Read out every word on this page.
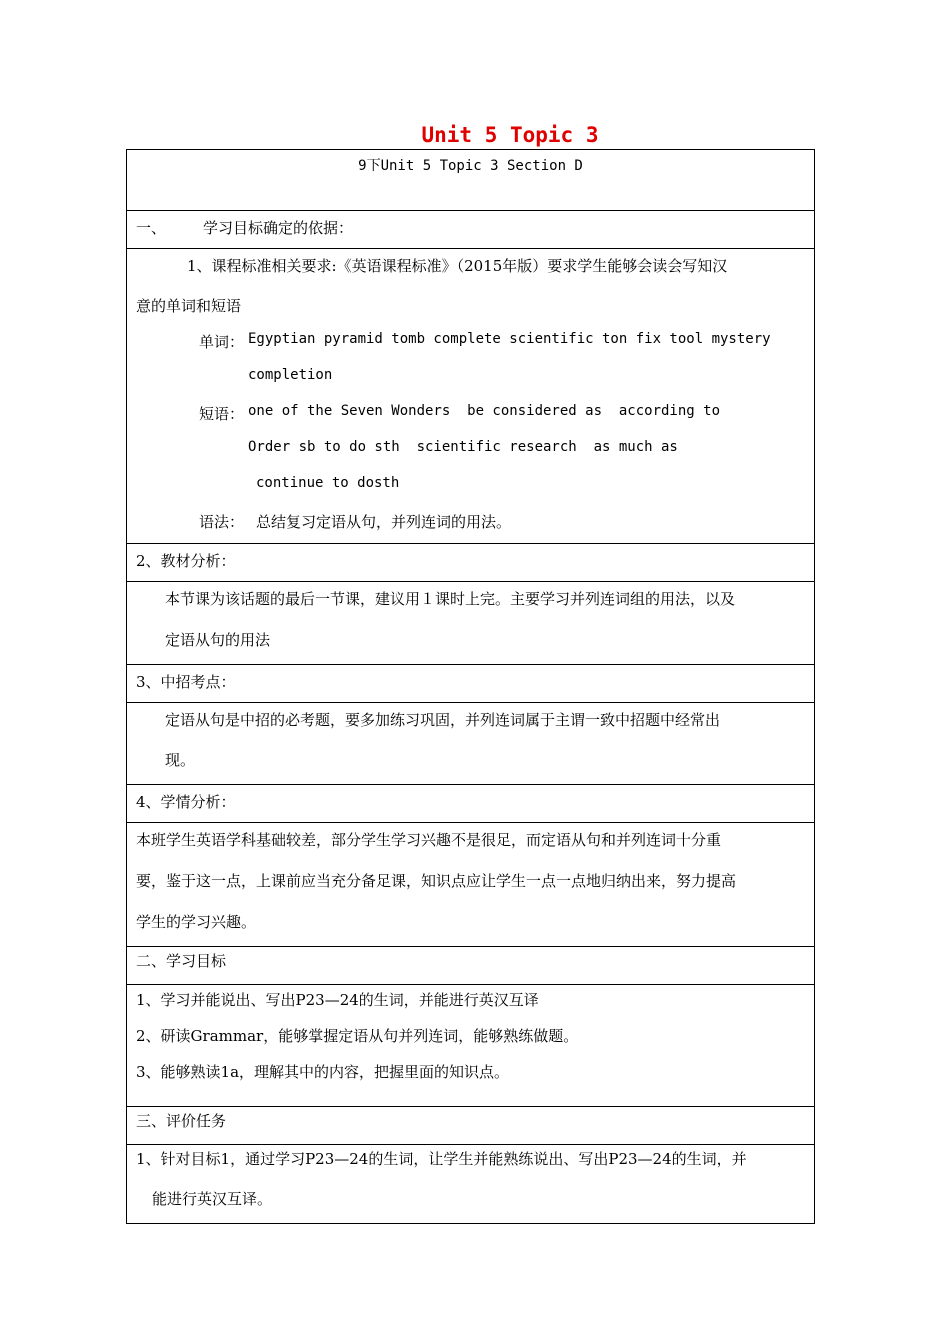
Unit 5 Topic 3
9下Unit 5 Topic 3 Section D
一、 学习目标确定的依据：
1、课程标准相关要求:《英语课程标准》（2015年版）要求学生能够会读会写知汉
意的单词和短语
单词： Egyptian pyramid tomb complete scientific ton fix tool mystery
completion
短语： one of the Seven Wonders  be considered as  according to
Order sb to do sth  scientific research  as much as
continue to dosth
语法： 总结复习定语从句，并列连词的用法。
2、教材分析：
本节课为该话题的最后一节课，建议用１课时上完。主要学习并列连词组的用法，以及
定语从句的用法
3、中招考点：
定语从句是中招的必考题，要多加练习巩固，并列连词属于主谓一致中招题中经常出
现。
4、学情分析：
本班学生英语学科基础较差，部分学生学习兴趣不是很足，而定语从句和并列连词十分重
要，鉴于这一点，上课前应当充分备足课，知识点应让学生一点一点地归纳出来，努力提高
学生的学习兴趣。
二、学习目标
1、学习并能说出、写出P23—24的生词，并能进行英汉互译
2、研读Grammar，能够掌握定语从句并列连词，能够熟练做题。
3、能够熟读1a，理解其中的内容，把握里面的知识点。
三、评价任务
1、针对目标1，通过学习P23—24的生词，让学生并能熟练说出、写出P23—24的生词，并
能进行英汉互译。
